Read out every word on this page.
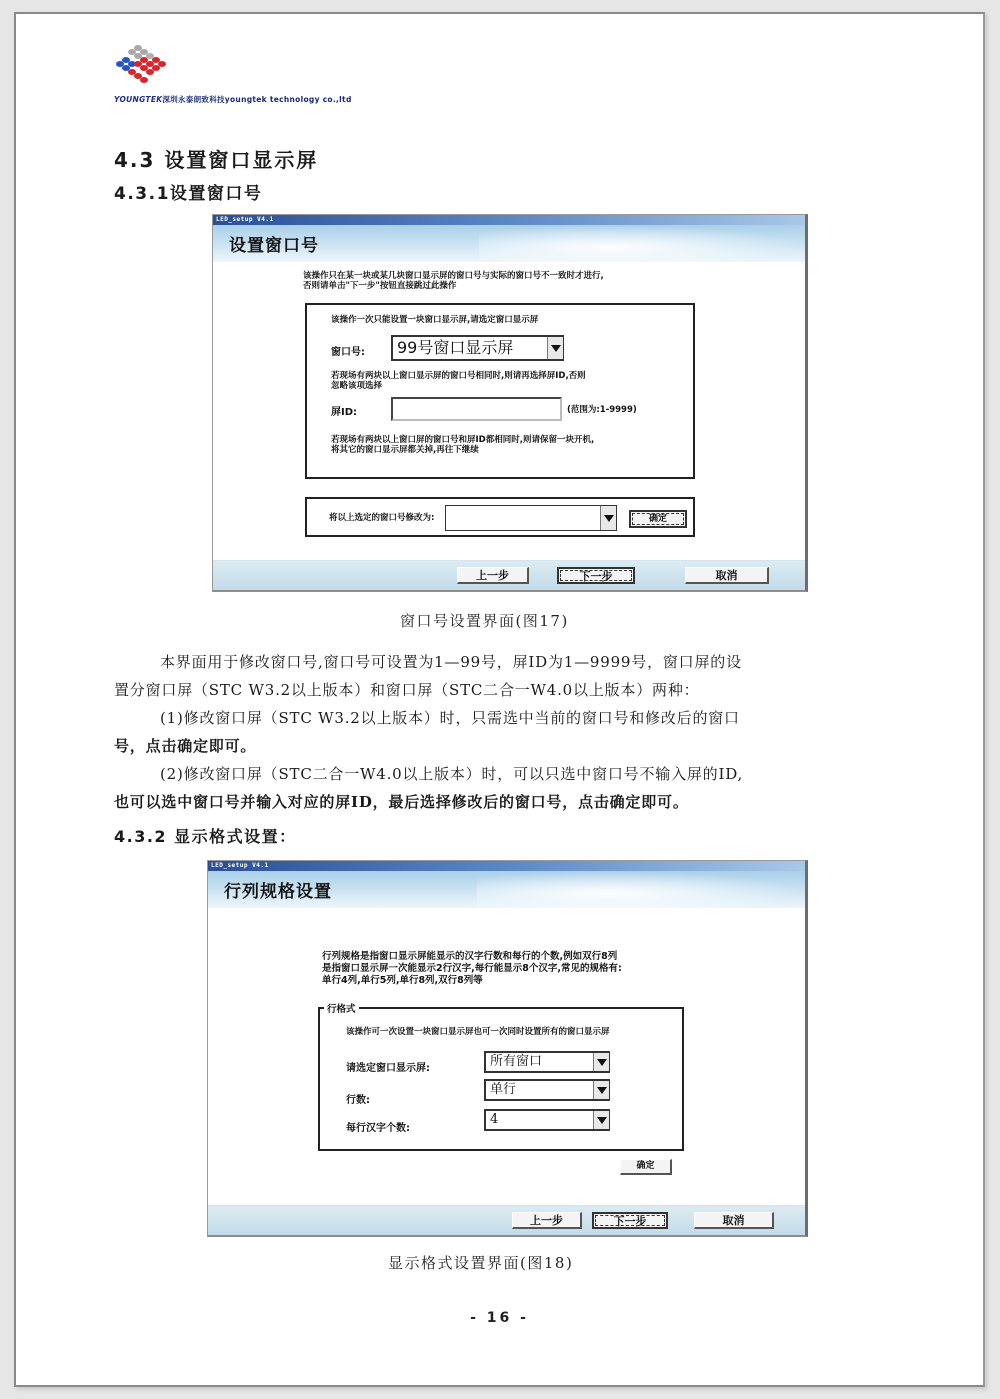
YOUNGTEK深圳永泰朗致科技youngtek technology co.,ltd
4.3 设置窗口显示屏
4.3.1设置窗口号
LED_setup V4.1
设置窗口号
该操作只在某一块或某几块窗口显示屏的窗口号与实际的窗口号不一致时才进行,
否则请单击"下一步"按钮直接跳过此操作
该操作一次只能设置一块窗口显示屏,请选定窗口显示屏
窗口号: 99号窗口显示屏
若现场有两块以上窗口显示屏的窗口号相同时,则请再选择屏ID,否则
忽略该项选择
屏ID:	(范围为:1-9999)
若现场有两块以上窗口屏的窗口号和屏ID都相同时,则请保留一块开机,
将其它的窗口显示屏都关掉,再往下继续
将以上选定的窗口号修改为:	确定
上一步	下一步	取消
窗口号设置界面(图17)
本界面用于修改窗口号,窗口号可设置为1—99号，屏ID为1—9999号，窗口屏的设
置分窗口屏（STC W3.2以上版本）和窗口屏（STC二合一W4.0以上版本）两种：
(1)修改窗口屏（STC W3.2以上版本）时，只需选中当前的窗口号和修改后的窗口
号，点击确定即可。
(2)修改窗口屏（STC二合一W4.0以上版本）时，可以只选中窗口号不输入屏的ID,
也可以选中窗口号并输入对应的屏ID，最后选择修改后的窗口号，点击确定即可。
4.3.2 显示格式设置：
LED_setup V4.1
行列规格设置
行列规格是指窗口显示屏能显示的汉字行数和每行的个数,例如双行8列
是指窗口显示屏一次能显示2行汉字,每行能显示8个汉字,常见的规格有:
单行4列,单行5列,单行8列,双行8列等
行格式
该操作可一次设置一块窗口显示屏也可一次同时设置所有的窗口显示屏
请选定窗口显示屏:	所有窗口
行数:
单行
每行汉字个数:
4
确定
上一步	下一步	取消
显示格式设置界面(图18)
- 16 -
